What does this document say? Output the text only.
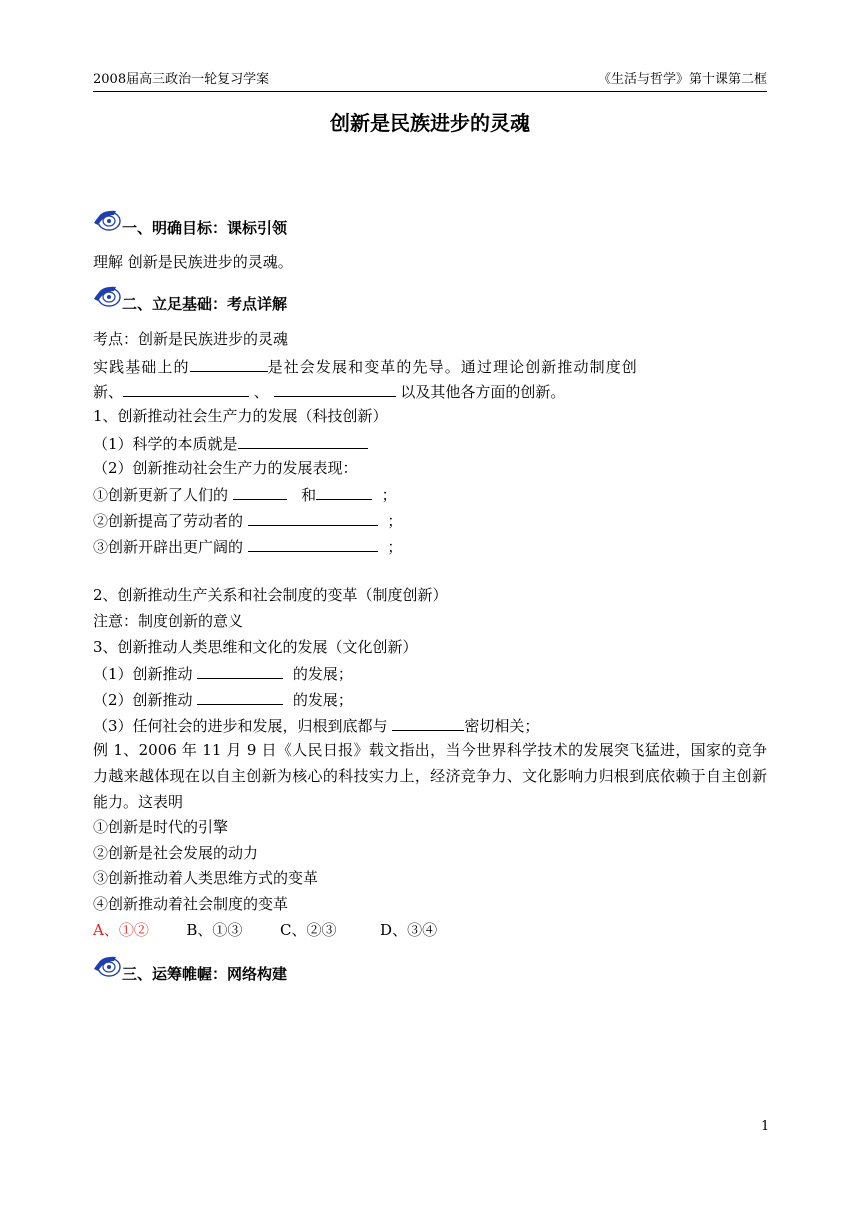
2008届高三政治一轮复习学案	《生活与哲学》第十课第二框
创新是民族进步的灵魂
一、明确目标：课标引领
理解 创新是民族进步的灵魂。
二、立足基础：考点详解
考点：创新是民族进步的灵魂
实践基础上的	是社会发展和变革的先导。通过理论创新推动制度创
新、	、	以及其他各方面的创新。
1、创新推动社会生产力的发展（科技创新）
（1）科学的本质就是
（2）创新推动社会生产力的发展表现：
①创新更新了人们的	和	；
②创新提高了劳动者的	；
③创新开辟出更广阔的	；
2、创新推动生产关系和社会制度的变革（制度创新）
注意：制度创新的意义
3、创新推动人类思维和文化的发展（文化创新）
（1）创新推动	的发展；
（2）创新推动	的发展；
（3）任何社会的进步和发展，归根到底都与	密切相关；
例 1、2006 年 11 月 9 日《人民日报》载文指出，当今世界科学技术的发展突飞猛进，国家的竞争力越来越体现在以自主创新为核心的科技实力上，经济竞争力、文化影响力归根到底依赖于自主创新能力。这表明
①创新是时代的引擎
②创新是社会发展的动力
③创新推动着人类思维方式的变革
④创新推动着社会制度的变革
A、①②	B、①③	C、②③	D、③④
三、运筹帷幄：网络构建
1
